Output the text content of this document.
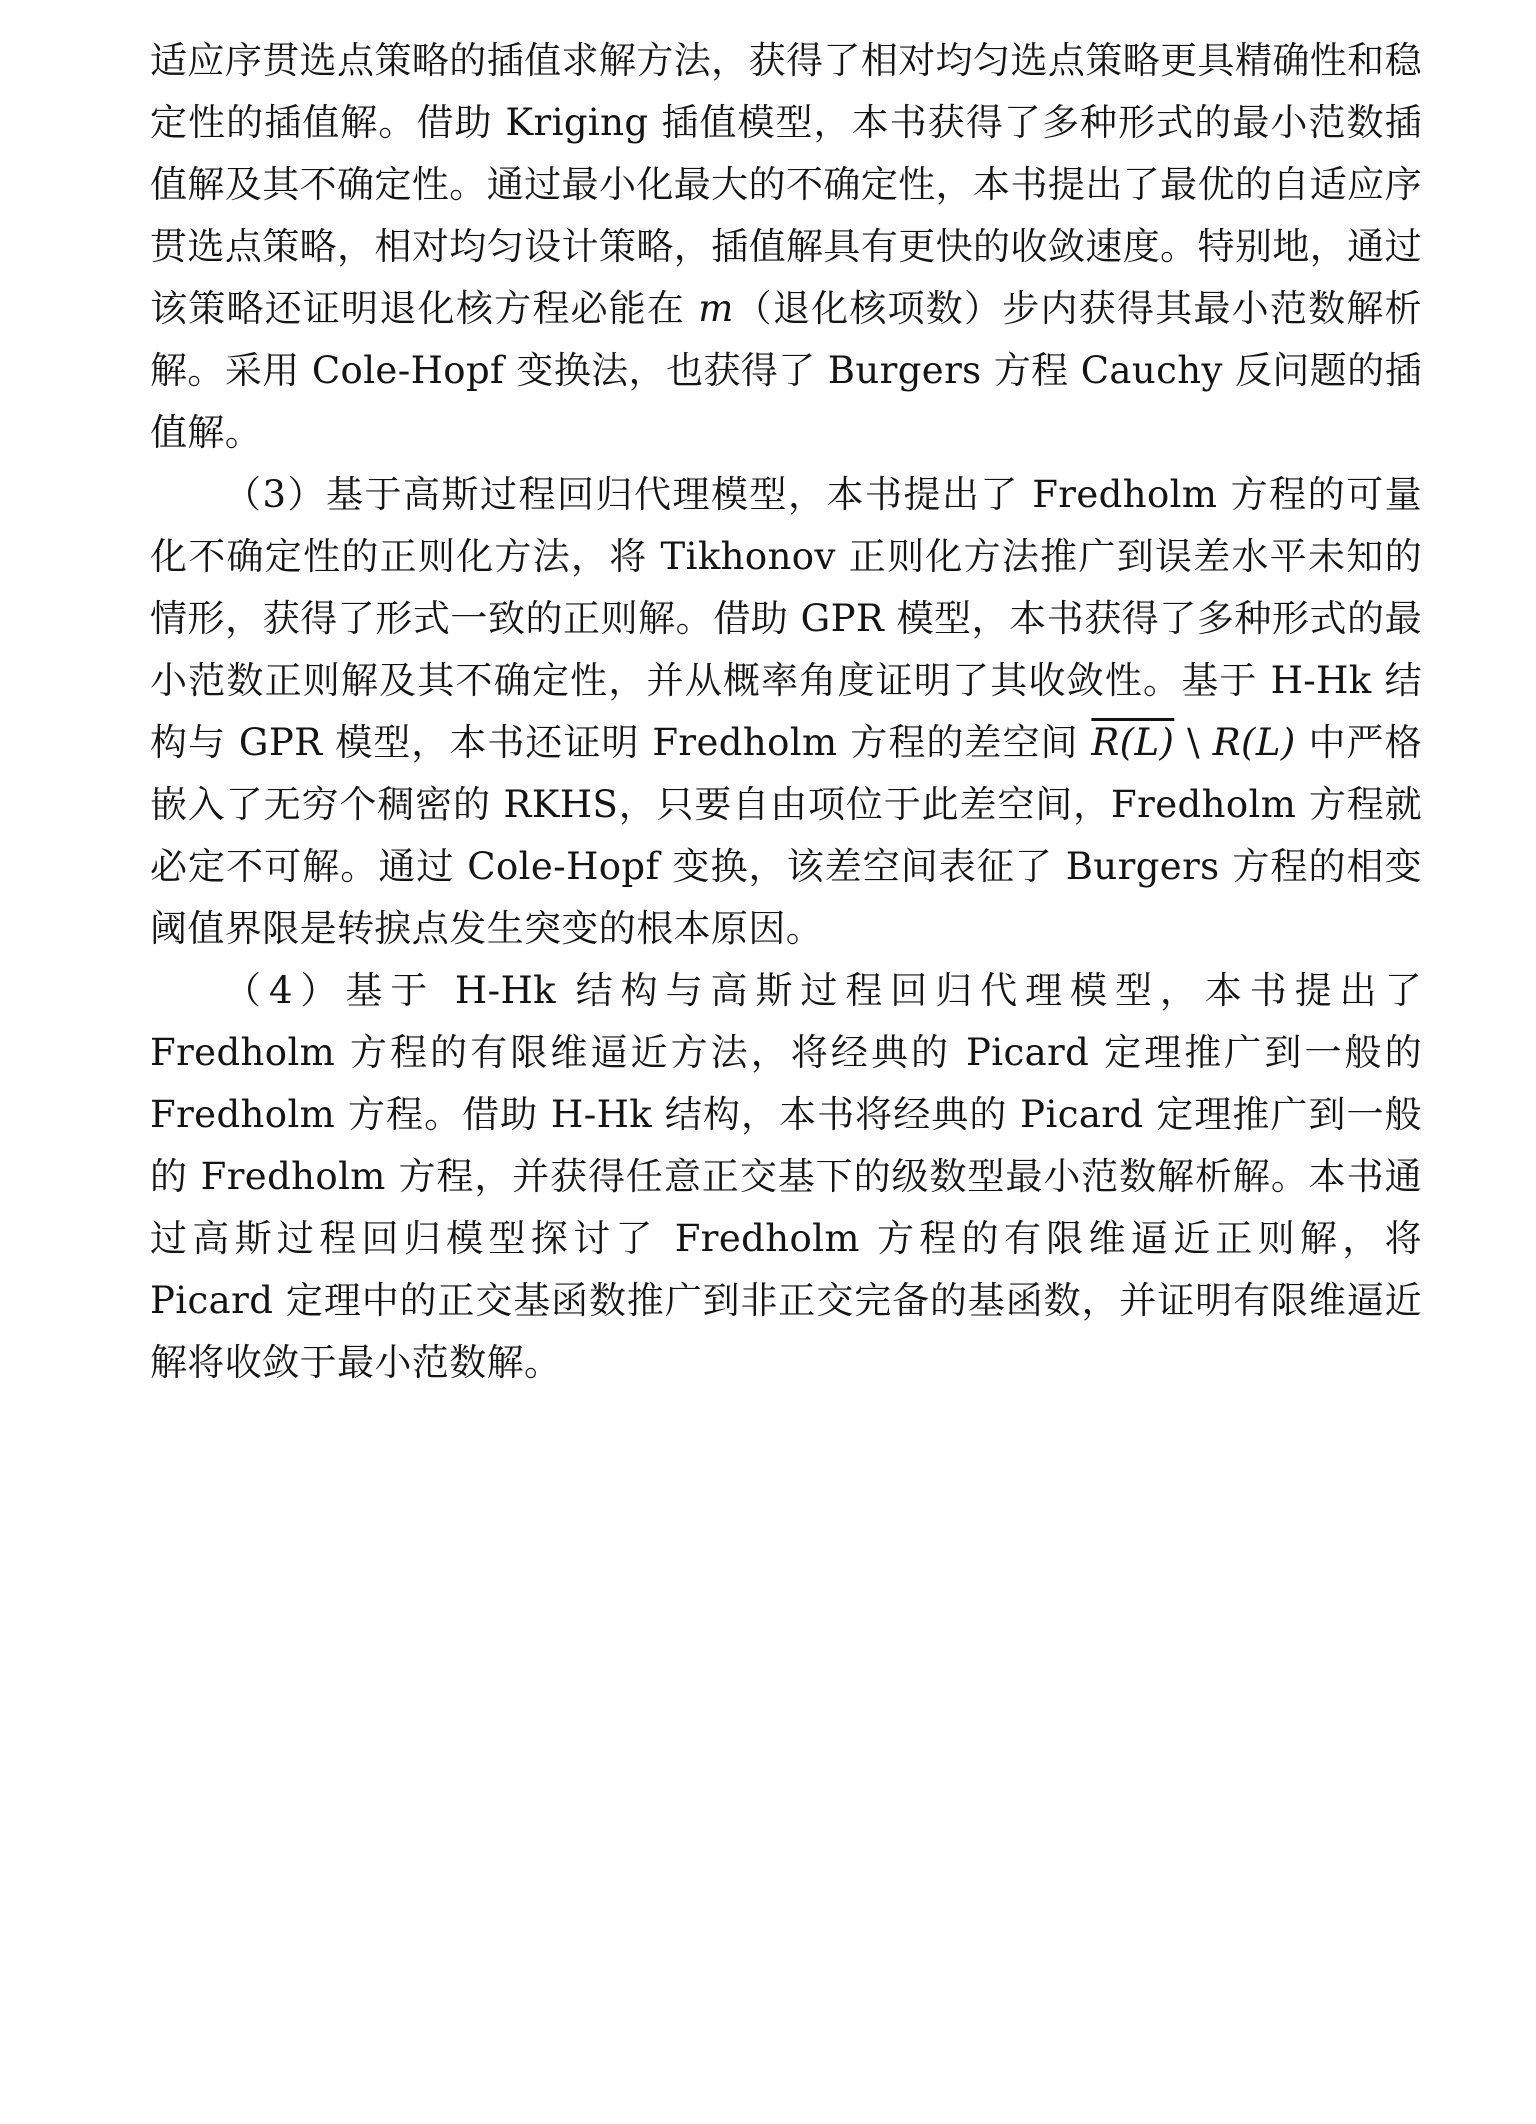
适应序贯选点策略的插值求解方法，获得了相对均匀选点策略更具精确性和稳定性的插值解。借助 Kriging 插值模型，本书获得了多种形式的最小范数插值解及其不确定性。通过最小化最大的不确定性，本书提出了最优的自适应序贯选点策略，相对均匀设计策略，插值解具有更快的收敛速度。特别地，通过该策略还证明退化核方程必能在 m（退化核项数）步内获得其最小范数解析解。采用 Cole-Hopf 变换法，也获得了 Burgers 方程 Cauchy 反问题的插值解。

（3）基于高斯过程回归代理模型，本书提出了 Fredholm 方程的可量化不确定性的正则化方法，将 Tikhonov 正则化方法推广到误差水平未知的情形，获得了形式一致的正则解。借助 GPR 模型，本书获得了多种形式的最小范数正则解及其不确定性，并从概率角度证明了其收敛性。基于 H-Hk 结构与 GPR 模型，本书还证明 Fredholm 方程的差空间 R(L) \ R(L) 中严格嵌入了无穷个稠密的 RKHS，只要自由项位于此差空间，Fredholm 方程就必定不可解。通过 Cole-Hopf 变换，该差空间表征了 Burgers 方程的相变阈值界限是转捩点发生突变的根本原因。

（4）基于 H-Hk 结构与高斯过程回归代理模型，本书提出了 Fredholm 方程的有限维逼近方法，将经典的 Picard 定理推广到一般的 Fredholm 方程。借助 H-Hk 结构，本书将经典的 Picard 定理推广到一般的 Fredholm 方程，并获得任意正交基下的级数型最小范数解析解。本书通过高斯过程回归模型探讨了 Fredholm 方程的有限维逼近正则解，将 Picard 定理中的正交基函数推广到非正交完备的基函数，并证明有限维逼近解将收敛于最小范数解。
